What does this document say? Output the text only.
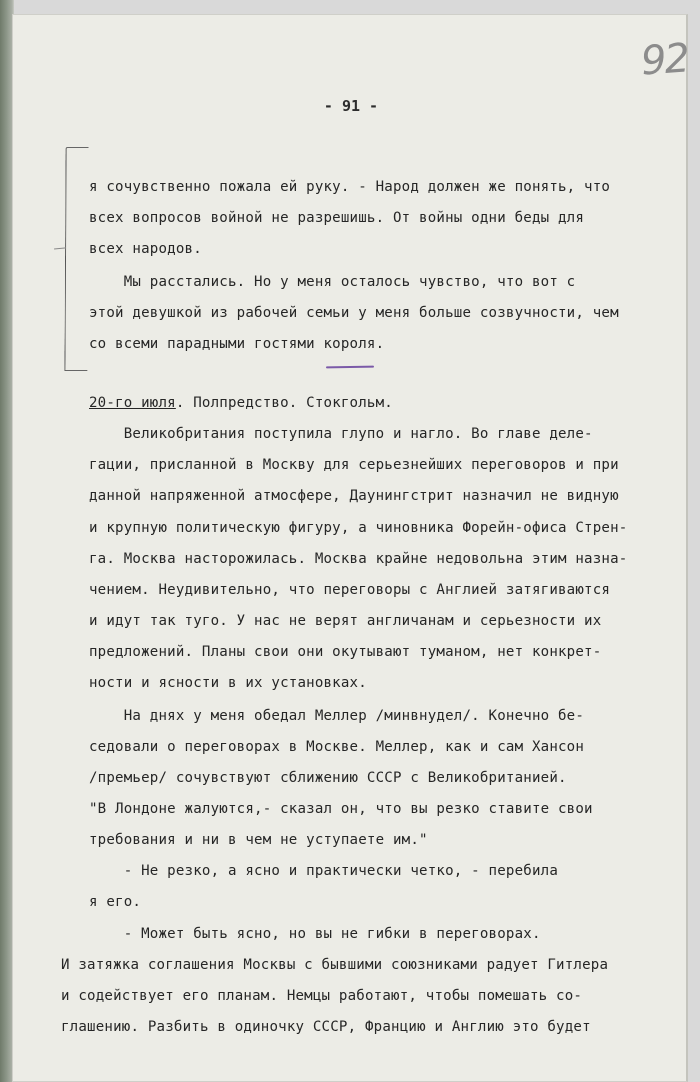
92
- 91 -
я сочувственно пожала ей руку. - Народ должен же понять, что
всех вопросов войной не разрешишь. От войны одни беды для
всех народов.
Мы расстались. Но у меня осталось чувство, что вот с
этой девушкой из рабочей семьи у меня больше созвучности, чем
со всеми парадными гостями короля.
20-го июля. Полпредство. Стокгольм.
Великобритания поступила глупо и нагло. Во главе деле-
гации, присланной в Москву для серьезнейших переговоров и при
данной напряженной атмосфере, Даунингстрит назначил не видную
и крупную политическую фигуру, а чиновника Форейн-офиса Стрен-
га. Москва насторожилась. Москва крайне недовольна этим назна-
чением. Неудивительно, что переговоры с Англией затягиваются
и идут так туго. У нас не верят англичанам и серьезности их
предложений. Планы свои они окутывают туманом, нет конкрет-
ности и ясности в их установках.
На днях у меня обедал Меллер /минвнудел/. Конечно бе-
седовали о переговорах в Москве. Меллер, как и сам Хансон
/премьер/ сочувствуют сближению СССР с Великобританией.
"В Лондоне жалуются,- сказал он, что вы резко ставите свои
требования и ни в чем не уступаете им."
- Не резко, а ясно и практически четко, - перебила
я его.
- Может быть ясно, но вы не гибки в переговорах.
И затяжка соглашения Москвы с бывшими союзниками радует Гитлера
и содействует его планам. Немцы работают, чтобы помешать со-
глашению. Разбить в одиночку СССР, Францию и Англию это будет
